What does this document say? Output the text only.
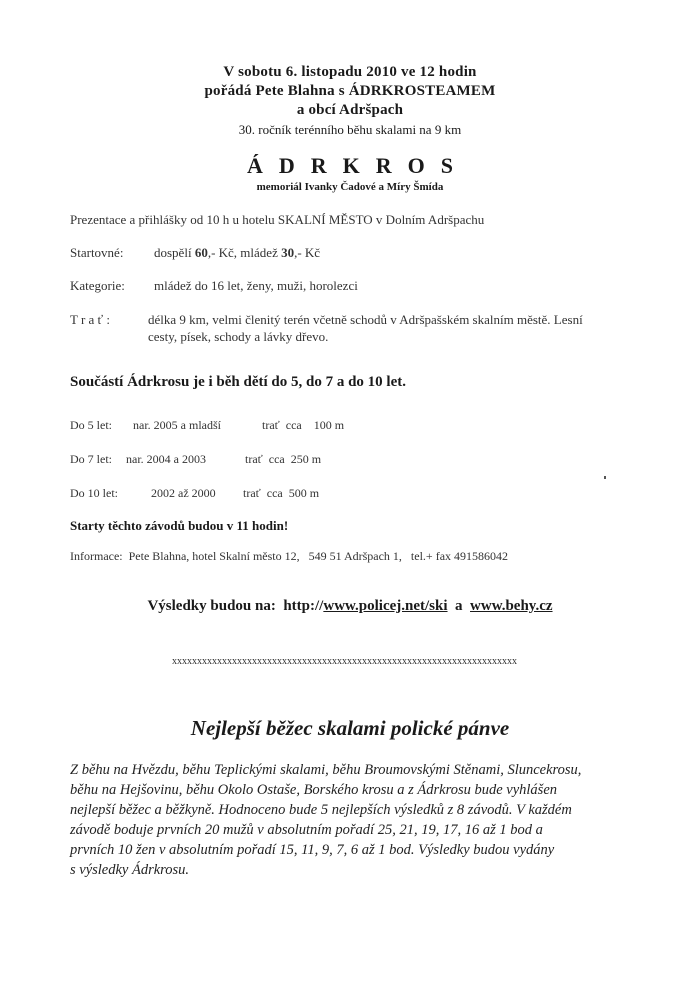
V sobotu 6. listopadu 2010 ve 12 hodin
pořádá Pete Blahna s ÁDRKROSTEAMEM
a obcí Adršpach
30. ročník terénního běhu skalami na 9 km
ÁDRKROS
memoriál Ivanky Čadové a Míry Šmída
Prezentace a přihlášky od 10 h u hotelu SKALNÍ MĚSTO v Dolním Adršpachu
Startovné: dospělí 60,- Kč, mládež 30,- Kč
Kategorie: mládež do 16 let, ženy, muži, horolezci
T r a ť :	délka 9 km, velmi členitý terén včetně schodů v Adršpašském skalním městě. Lesní
cesty, písek, schody a lávky dřevo.
Součástí Ádrkrosu je i běh dětí do 5, do 7 a do 10 let.
Do 5 let: nar. 2005 a mladší	trať  cca    100 m
Do 7 let: nar. 2004 a 2003	trať  cca  250 m
Do 10 let:	2002 až 2000 trať  cca  500 m
Starty těchto závodů budou v 11 hodin!
Informace:  Pete Blahna, hotel Skalní město 12,   549 51 Adršpach 1,   tel.+ fax 491586042
Výsledky budou na:  http://www.policej.net/ski  a  www.behy.cz
xxxxxxxxxxxxxxxxxxxxxxxxxxxxxxxxxxxxxxxxxxxxxxxxxxxxxxxxxxxxxxxxxxxxx
Nejlepší běžec skalami polické pánve
Z běhu na Hvězdu, běhu Teplickými skalami, běhu Broumovskými Stěnami, Sluncekrosu,
běhu na Hejšovinu, běhu Okolo Ostaše, Borského krosu a z Ádrkrosu bude vyhlášen
nejlepší běžec a běžkyně. Hodnoceno bude 5 nejlepších výsledků z 8 závodů. V každém
závodě boduje prvních 20 mužů v absolutním pořadí 25, 21, 19, 17, 16 až 1 bod a
prvních 10 žen v absolutním pořadí 15, 11, 9, 7, 6 až 1 bod. Výsledky budou vydány
s výsledky Ádrkrosu.
